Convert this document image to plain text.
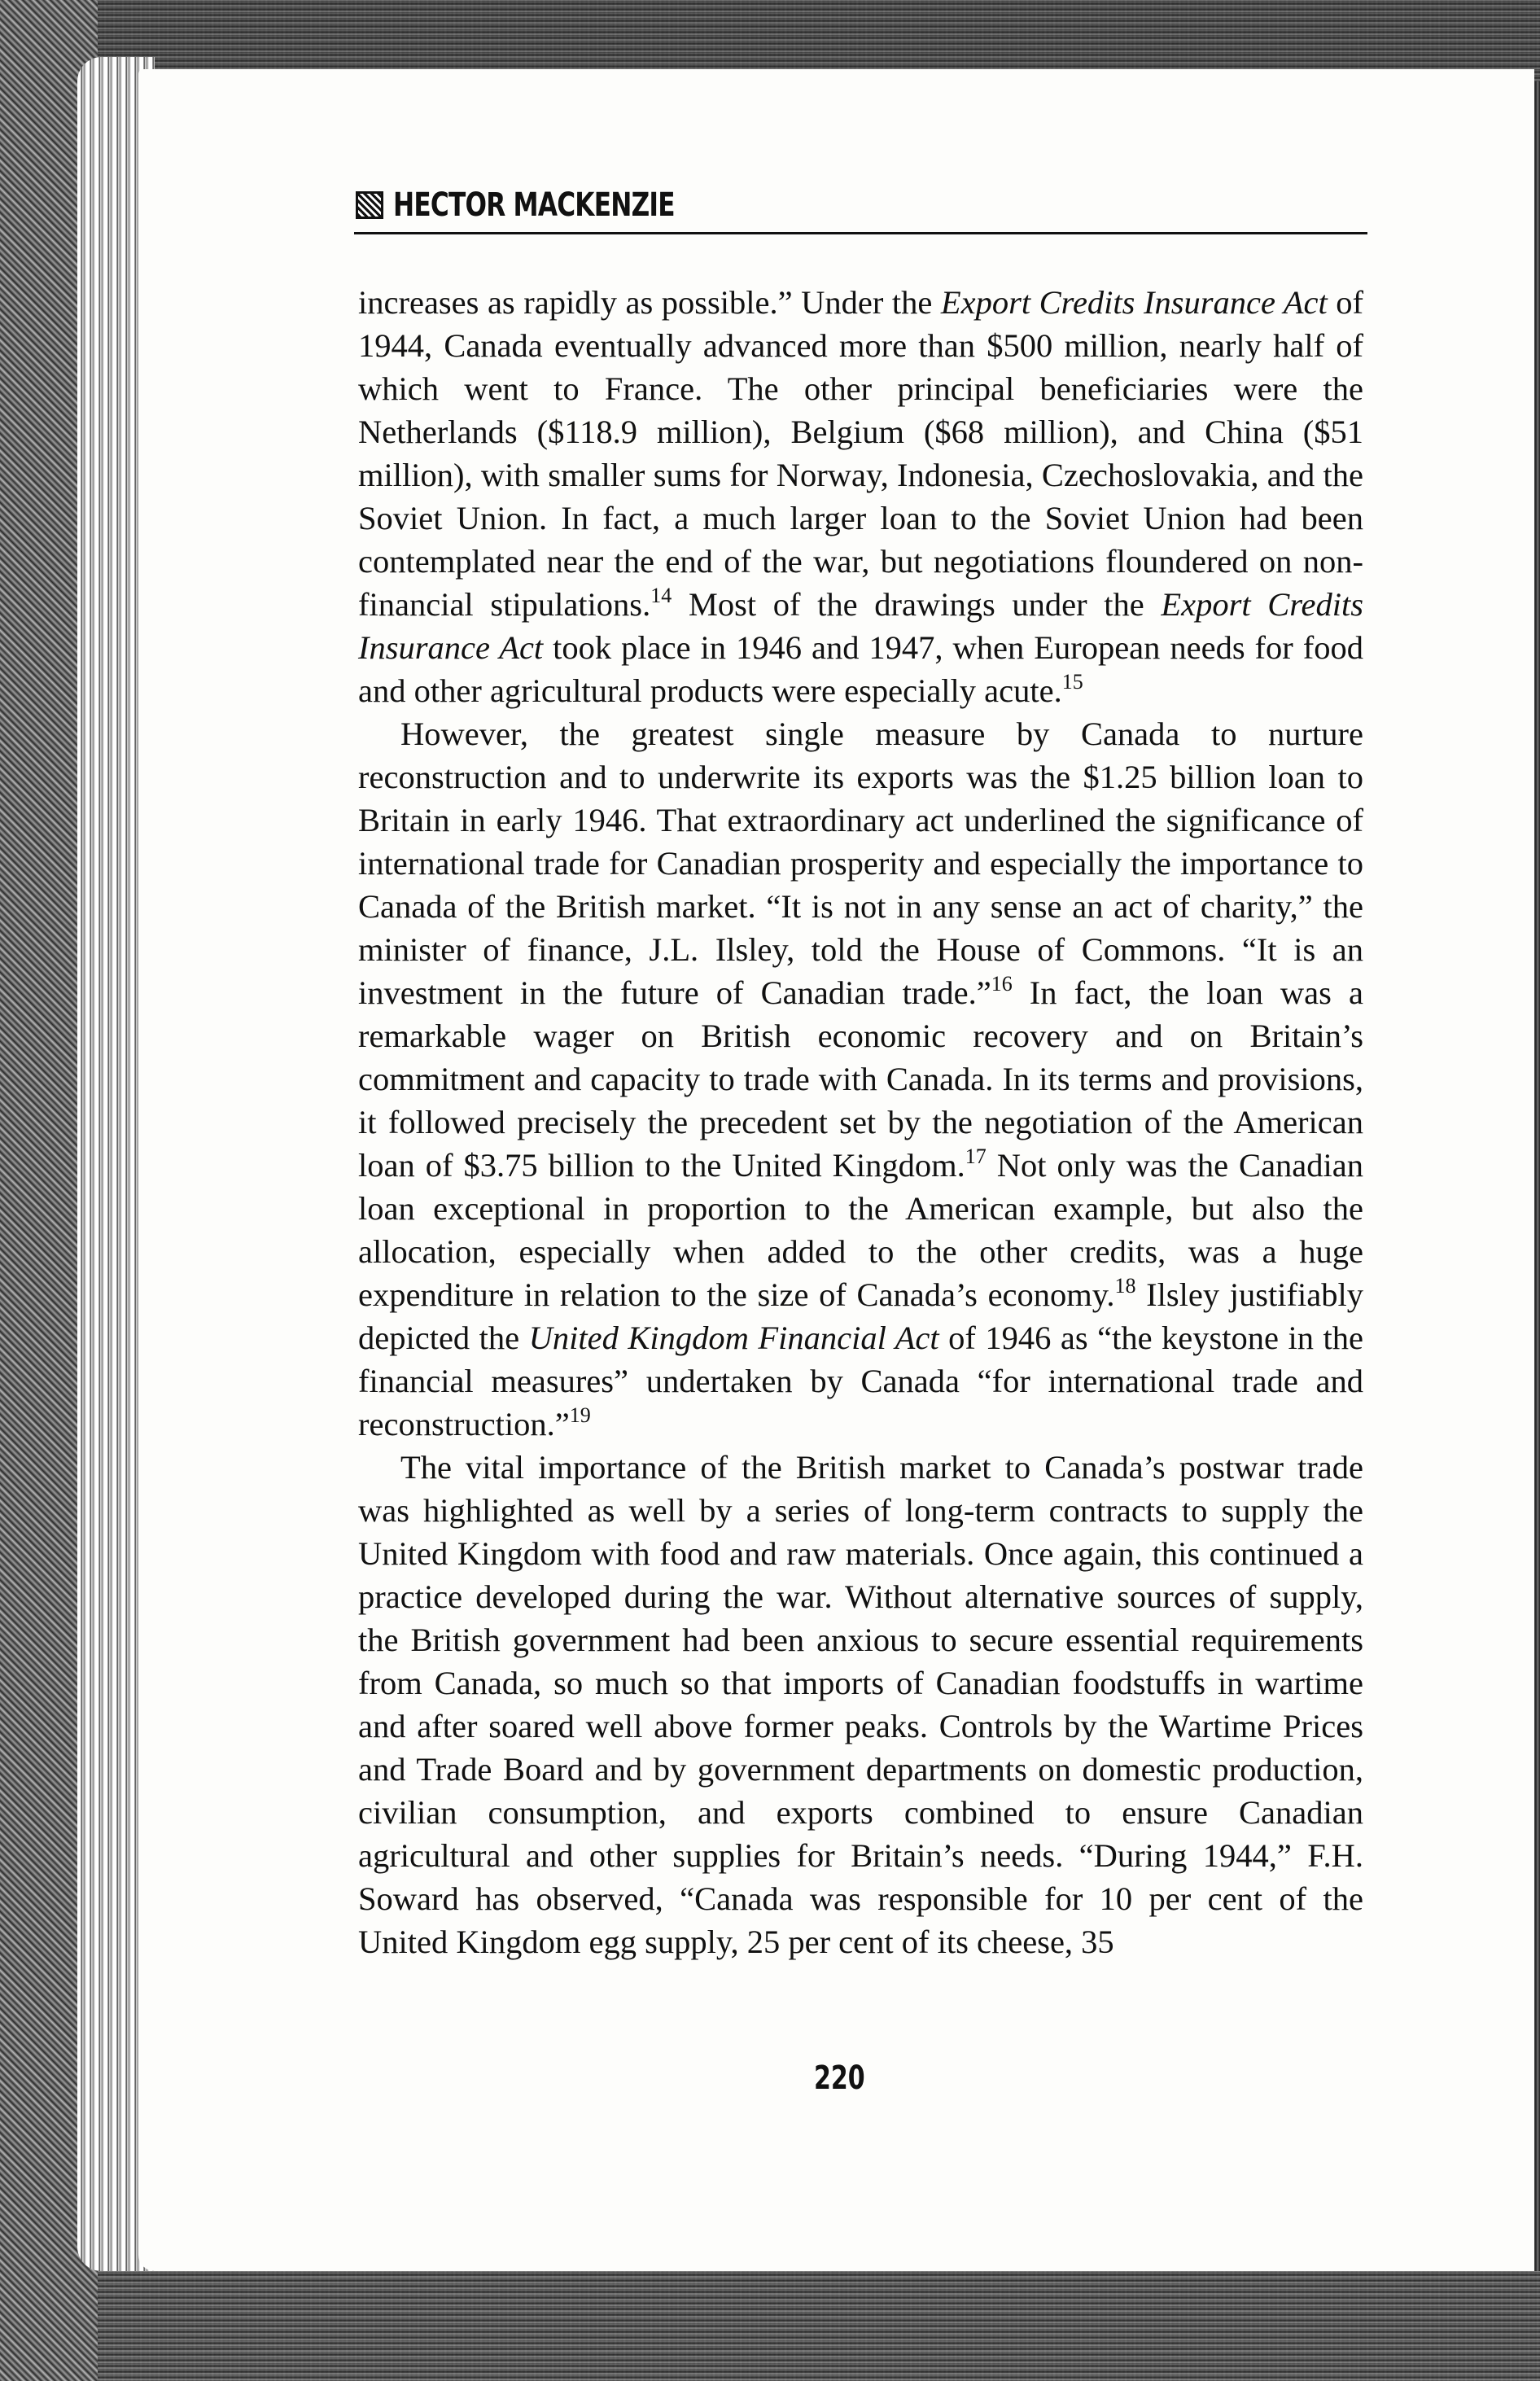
HECTOR MACKENZIE

increases as rapidly as possible.” Under the Export Credits Insurance Act of 1944, Canada eventually advanced more than $500 million, nearly half of which went to France. The other principal beneficiaries were the Netherlands ($118.9 million), Belgium ($68 million), and China ($51 million), with smaller sums for Norway, Indonesia, Czechoslovakia, and the Soviet Union. In fact, a much larger loan to the Soviet Union had been contemplated near the end of the war, but negotiations floundered on non-financial stipulations.$^{14}$ Most of the drawings under the Export Credits Insurance Act took place in 1946 and 1947, when European needs for food and other agricultural products were especially acute.$^{15}$

However, the greatest single measure by Canada to nurture reconstruction and to underwrite its exports was the $1.25 billion loan to Britain in early 1946. That extraordinary act underlined the significance of international trade for Canadian prosperity and especially the importance to Canada of the British market. “It is not in any sense an act of charity,” the minister of finance, J.L. Ilsley, told the House of Commons. “It is an investment in the future of Canadian trade.”$^{16}$ In fact, the loan was a remarkable wager on British economic recovery and on Britain’s commitment and capacity to trade with Canada. In its terms and provisions, it followed precisely the precedent set by the negotiation of the American loan of $3.75 billion to the United Kingdom.$^{17}$ Not only was the Canadian loan exceptional in proportion to the American example, but also the allocation, especially when added to the other credits, was a huge expenditure in relation to the size of Canada’s economy.$^{18}$ Ilsley justifiably depicted the United Kingdom Financial Act of 1946 as “the keystone in the financial measures” undertaken by Canada “for international trade and reconstruction.”$^{19}$

The vital importance of the British market to Canada’s postwar trade was highlighted as well by a series of long-term contracts to supply the United Kingdom with food and raw materials. Once again, this continued a practice developed during the war. Without alternative sources of supply, the British government had been anxious to secure essential requirements from Canada, so much so that imports of Canadian foodstuffs in wartime and after soared well above former peaks. Controls by the Wartime Prices and Trade Board and by government departments on domestic production, civilian consumption, and exports combined to ensure Canadian agricultural and other supplies for Britain’s needs. “During 1944,” F.H. Soward has observed, “Canada was responsible for 10 per cent of the United Kingdom egg supply, 25 per cent of its cheese, 35

220
